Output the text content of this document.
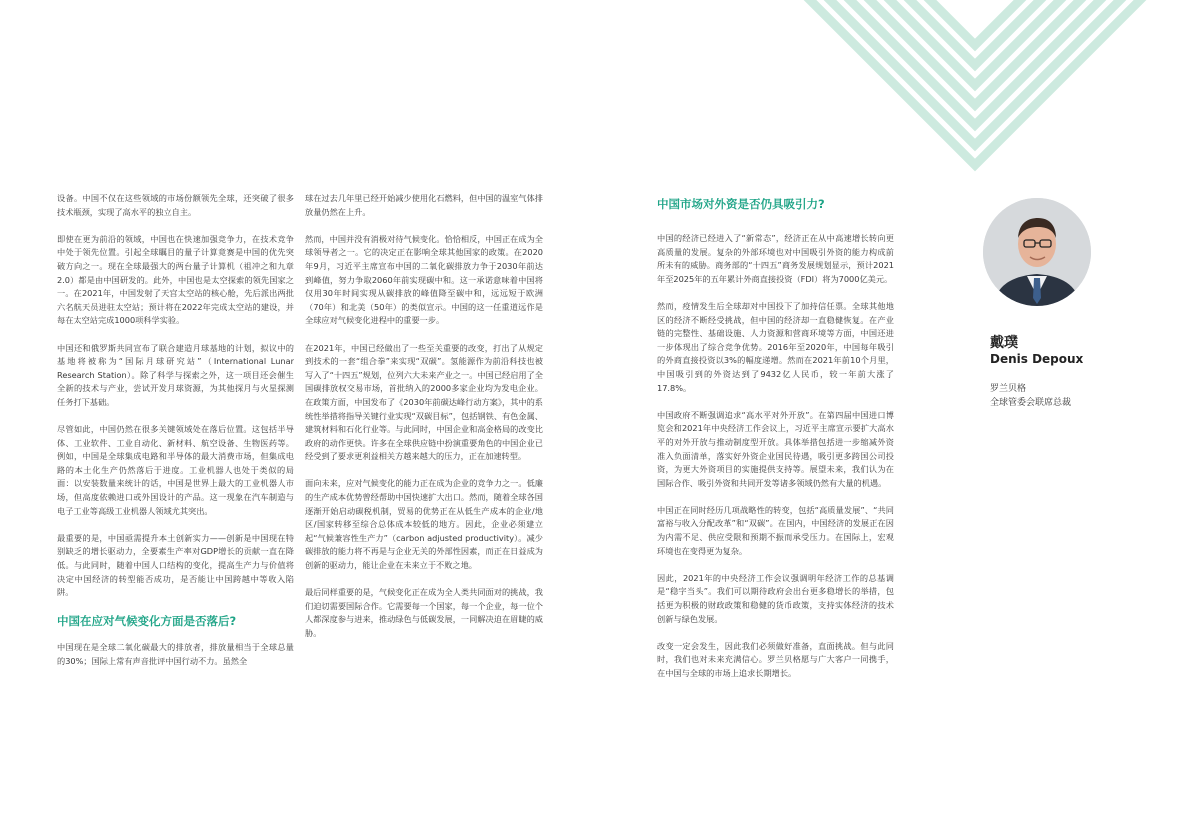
设备。中国不仅在这些领域的市场份额领先全球，还突破了很多技术瓶颈，实现了高水平的独立自主。

即使在更为前沿的领域，中国也在快速加强竞争力，在技术竞争中处于领先位置。引起全球瞩目的量子计算竟赛是中国的优先突破方向之一。现在全球最强大的两台量子计算机（祖冲之和九章2.0）都是由中国研发的。此外，中国也是太空探索的领先国家之一。在2021年，中国发射了天宫太空站的核心舱，先后派出两批六名航天员进驻太空站；预计将在2022年完成太空站的建设，并每在太空站完成1000项科学实验。

中国还和俄罗斯共同宣布了联合建造月球基地的计划，拟议中的基地将被称为“国际月球研究站”（International Lunar Research Station）。除了科学与探索之外，这一项目还会催生全新的技术与产业，尝试开发月球资源，为其他探月与火星探测任务打下基础。

尽管如此，中国仍然在很多关键领域处在落后位置。这包括半导体、工业软件、工业自动化、新材料、航空设备、生物医药等。例如，中国是全球集成电路和半导体的最大消费市场，但集成电路的本土化生产仍然落后于进度。工业机器人也处于类似的局面：以安装数量来统计的话，中国是世界上最大的工业机器人市场，但高度依赖进口或外国设计的产品。这一现象在汽车制造与电子工业等高级工业机器人领域尤其突出。

最重要的是，中国亟需提升本土创新实力——创新是中国现在特别缺乏的增长驱动力，全要素生产率对GDP增长的贡献一直在降低。与此同时，随着中国人口结构的变化，提高生产力与价值将决定中国经济的转型能否成功，是否能让中国跨越中等收入陷阱。

中国在应对气候变化方面是否落后?

中国现在是全球二氧化碳最大的排放者，排放量相当于全球总量的30%；国际上常有声音批评中国行动不力。虽然全

球在过去几年里已经开始减少使用化石燃料，但中国的温室气体排放量仍然在上升。

然而，中国并没有消极对待气候变化。恰恰相反，中国正在成为全球领导者之一。它的决定正在影响全球其他国家的政策。在2020年9月，习近平主席宣布中国的二氧化碳排放力争于2030年前达到峰值，努力争取2060年前实现碳中和。这一承诺意味着中国将仅用30年时间实现从碳排放的峰值降至碳中和，远远短于欧洲（70年）和北美（50年）的类似宣示。中国的这一任重道远作是全球应对气候变化进程中的重要一步。

在2021年，中国已经做出了一些至关重要的改变，打出了从规定到技术的一套“组合拳”来实现“双碳”。氢能源作为前沿科技也被写入了“十四五”规划，位列六大未来产业之一。中国已经启用了全国碳排放权交易市场，首批纳入的2000多家企业均为发电企业。在政策方面，中国发布了《2030年前碳达峰行动方案》，其中的系统性举措将指导关键行业实现“双碳目标”，包括钢铁、有色金属、建筑材料和石化行业等。与此同时，中国企业和高金格局的改变比政府的动作更快。许多在全球供应链中扮演重要角色的中国企业已经受到了要求更利益相关方越来越大的压力，正在加速转型。

面向未来，应对气候变化的能力正在成为企业的竞争力之一。低廉的生产成本优势曾经帮助中国快速扩大出口。然而，随着全球各国逐渐开始启动碳税机制，贸易的优势正在从低生产成本的企业/地区/国家转移至综合总体成本较低的地方。因此，企业必须建立起“气候兼容性生产力”（carbon adjusted productivity）。减少碳排放的能力将不再是与企业无关的外部性因素，而正在日益成为创新的驱动力，能让企业在未来立于不败之地。

最后同样重要的是，气候变化正在成为全人类共同面对的挑战，我们迫切需要国际合作。它需要每一个国家，每一个企业，每一位个人都深度参与进来，推动绿色与低碳发展，一同解决迫在眉睫的威胁。

中国市场对外资是否仍具吸引力?

中国的经济已经进入了“新常态”，经济正在从中高速增长转向更高质量的发展。复杂的外部环境也对中国吸引外资的能力构成前所未有的威胁。商务部的“十四五”商务发展规划显示，预计2021年至2025年的五年累计外商直接投资（FDI）将为7000亿美元。

然而，疫情发生后全球却对中国投下了加持信任票。全球其他地区的经济不断经受挑战，但中国的经济却一直稳健恢复。在产业链的完整性、基础设施、人力资源和营商环境等方面，中国还进一步体现出了综合竞争优势。2016年至2020年，中国每年吸引的外商直接投资以3%的幅度递增。然而在2021年前10个月里，中国吸引到的外资达到了9432亿人民币，较一年前大涨了17.8%。

中国政府不断强调追求“高水平对外开放”。在第四届中国进口博览会和2021年中央经济工作会议上，习近平主席宣示要扩大高水平的对外开放与推动制度型开放。具体举措包括进一步缩减外资准入负面清单，落实好外资企业国民待遇，吸引更多跨国公司投资，为更大外资项目的实施提供支持等。展望未来，我们认为在国际合作、吸引外资和共同开发等诸多领域仍然有大量的机遇。

中国正在同时经历几项战略性的转变，包括“高质量发展”、“共同富裕与收入分配改革”和“双碳”。在国内，中国经济的发展正在因为内需不足、供应受限和预期不振而承受压力。在国际上，宏观环境也在变得更为复杂。

因此，2021年的中央经济工作会议强调明年经济工作的总基调是“稳字当头”。我们可以期待政府会出台更多稳增长的举措，包括更为积极的财政政策和稳健的货币政策，支持实体经济的技术创新与绿色发展。

改变一定会发生，因此我们必须做好准备，直面挑战。但与此同时，我们也对未来充满信心。罗兰贝格愿与广大客户一同携手，在中国与全球的市场上追求长期增长。

戴璞
Denis Depoux
罗兰贝格
全球管委会联席总裁
